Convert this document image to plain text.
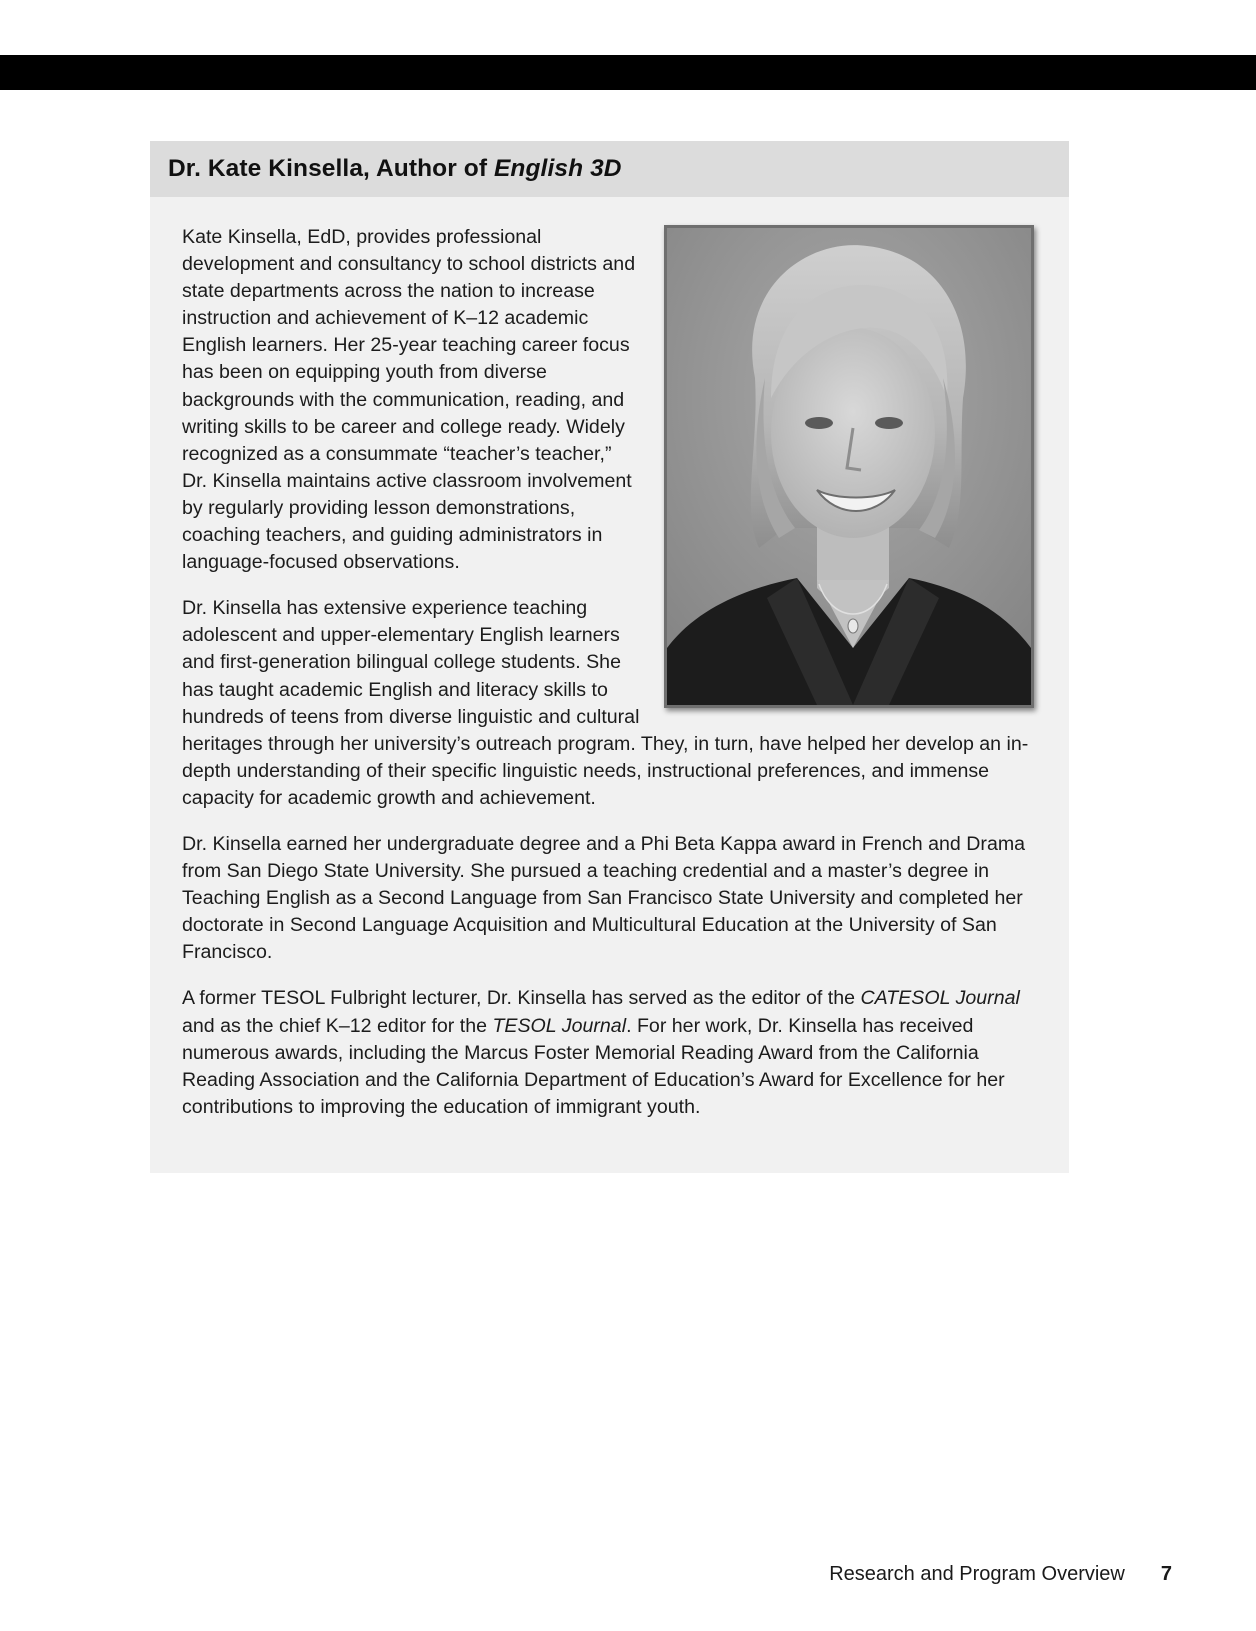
Dr. Kate Kinsella, Author of English 3D

Kate Kinsella, EdD, provides professional development and consultancy to school districts and state departments across the nation to increase instruction and achievement of K–12 academic English learners. Her 25-year teaching career focus has been on equipping youth from diverse backgrounds with the communication, reading, and writing skills to be career and college ready. Widely recognized as a consummate “teacher’s teacher,” Dr. Kinsella maintains active classroom involvement by regularly providing lesson demonstrations, coaching teachers, and guiding administrators in language-focused observations.

Dr. Kinsella has extensive experience teaching adolescent and upper-elementary English learners and first-generation bilingual college students. She has taught academic English and literacy skills to hundreds of teens from diverse linguistic and cultural heritages through her university’s outreach program. They, in turn, have helped her develop an in-depth understanding of their specific linguistic needs, instructional preferences, and immense capacity for academic growth and achievement.

Dr. Kinsella earned her undergraduate degree and a Phi Beta Kappa award in French and Drama from San Diego State University. She pursued a teaching credential and a master’s degree in Teaching English as a Second Language from San Francisco State University and completed her doctorate in Second Language Acquisition and Multicultural Education at the University of San Francisco.

A former TESOL Fulbright lecturer, Dr. Kinsella has served as the editor of the CATESOL Journal and as the chief K–12 editor for the TESOL Journal. For her work, Dr. Kinsella has received numerous awards, including the Marcus Foster Memorial Reading Award from the California Reading Association and the California Department of Education’s Award for Excellence for her contributions to improving the education of immigrant youth.

Research and Program Overview 7
